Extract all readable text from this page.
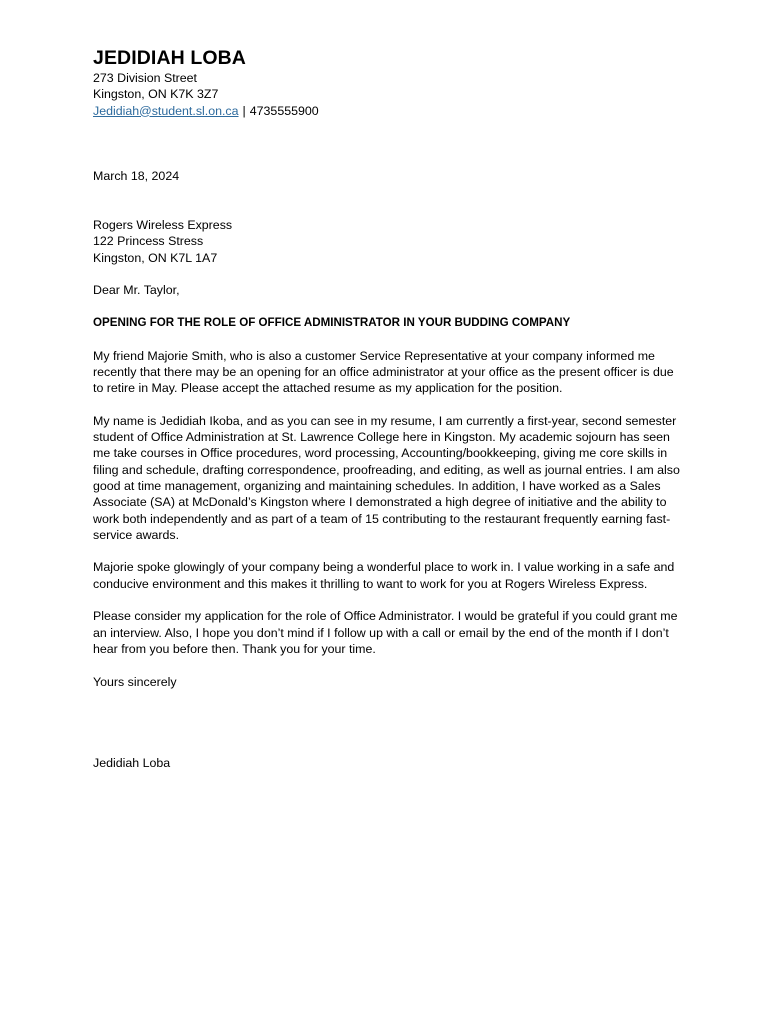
JEDIDIAH LOBA
273 Division Street
Kingston, ON K7K 3Z7
Jedidiah@student.sl.on.ca | 4735555900
March 18, 2024
Rogers Wireless Express
122 Princess Stress
Kingston, ON K7L 1A7
Dear Mr. Taylor,
OPENING FOR THE ROLE OF OFFICE ADMINISTRATOR IN YOUR BUDDING COMPANY

My friend Majorie Smith, who is also a customer Service Representative at your company informed me recently that there may be an opening for an office administrator at your office as the present officer is due to retire in May. Please accept the attached resume as my application for the position.

My name is Jedidiah Ikoba, and as you can see in my resume, I am currently a first-year, second semester student of Office Administration at St. Lawrence College here in Kingston. My academic sojourn has seen me take courses in Office procedures, word processing, Accounting/bookkeeping, giving me core skills in filing and schedule, drafting correspondence, proofreading, and editing, as well as journal entries. I am also good at time management, organizing and maintaining schedules. In addition, I have worked as a Sales Associate (SA) at McDonald’s Kingston where I demonstrated a high degree of initiative and the ability to work both independently and as part of a team of 15 contributing to the restaurant frequently earning fast-service awards.

Majorie spoke glowingly of your company being a wonderful place to work in. I value working in a safe and conducive environment and this makes it thrilling to want to work for you at Rogers Wireless Express.

Please consider my application for the role of Office Administrator. I would be grateful if you could grant me an interview. Also, I hope you don’t mind if I follow up with a call or email by the end of the month if I don’t hear from you before then. Thank you for your time.

Yours sincerely
Jedidiah Loba
